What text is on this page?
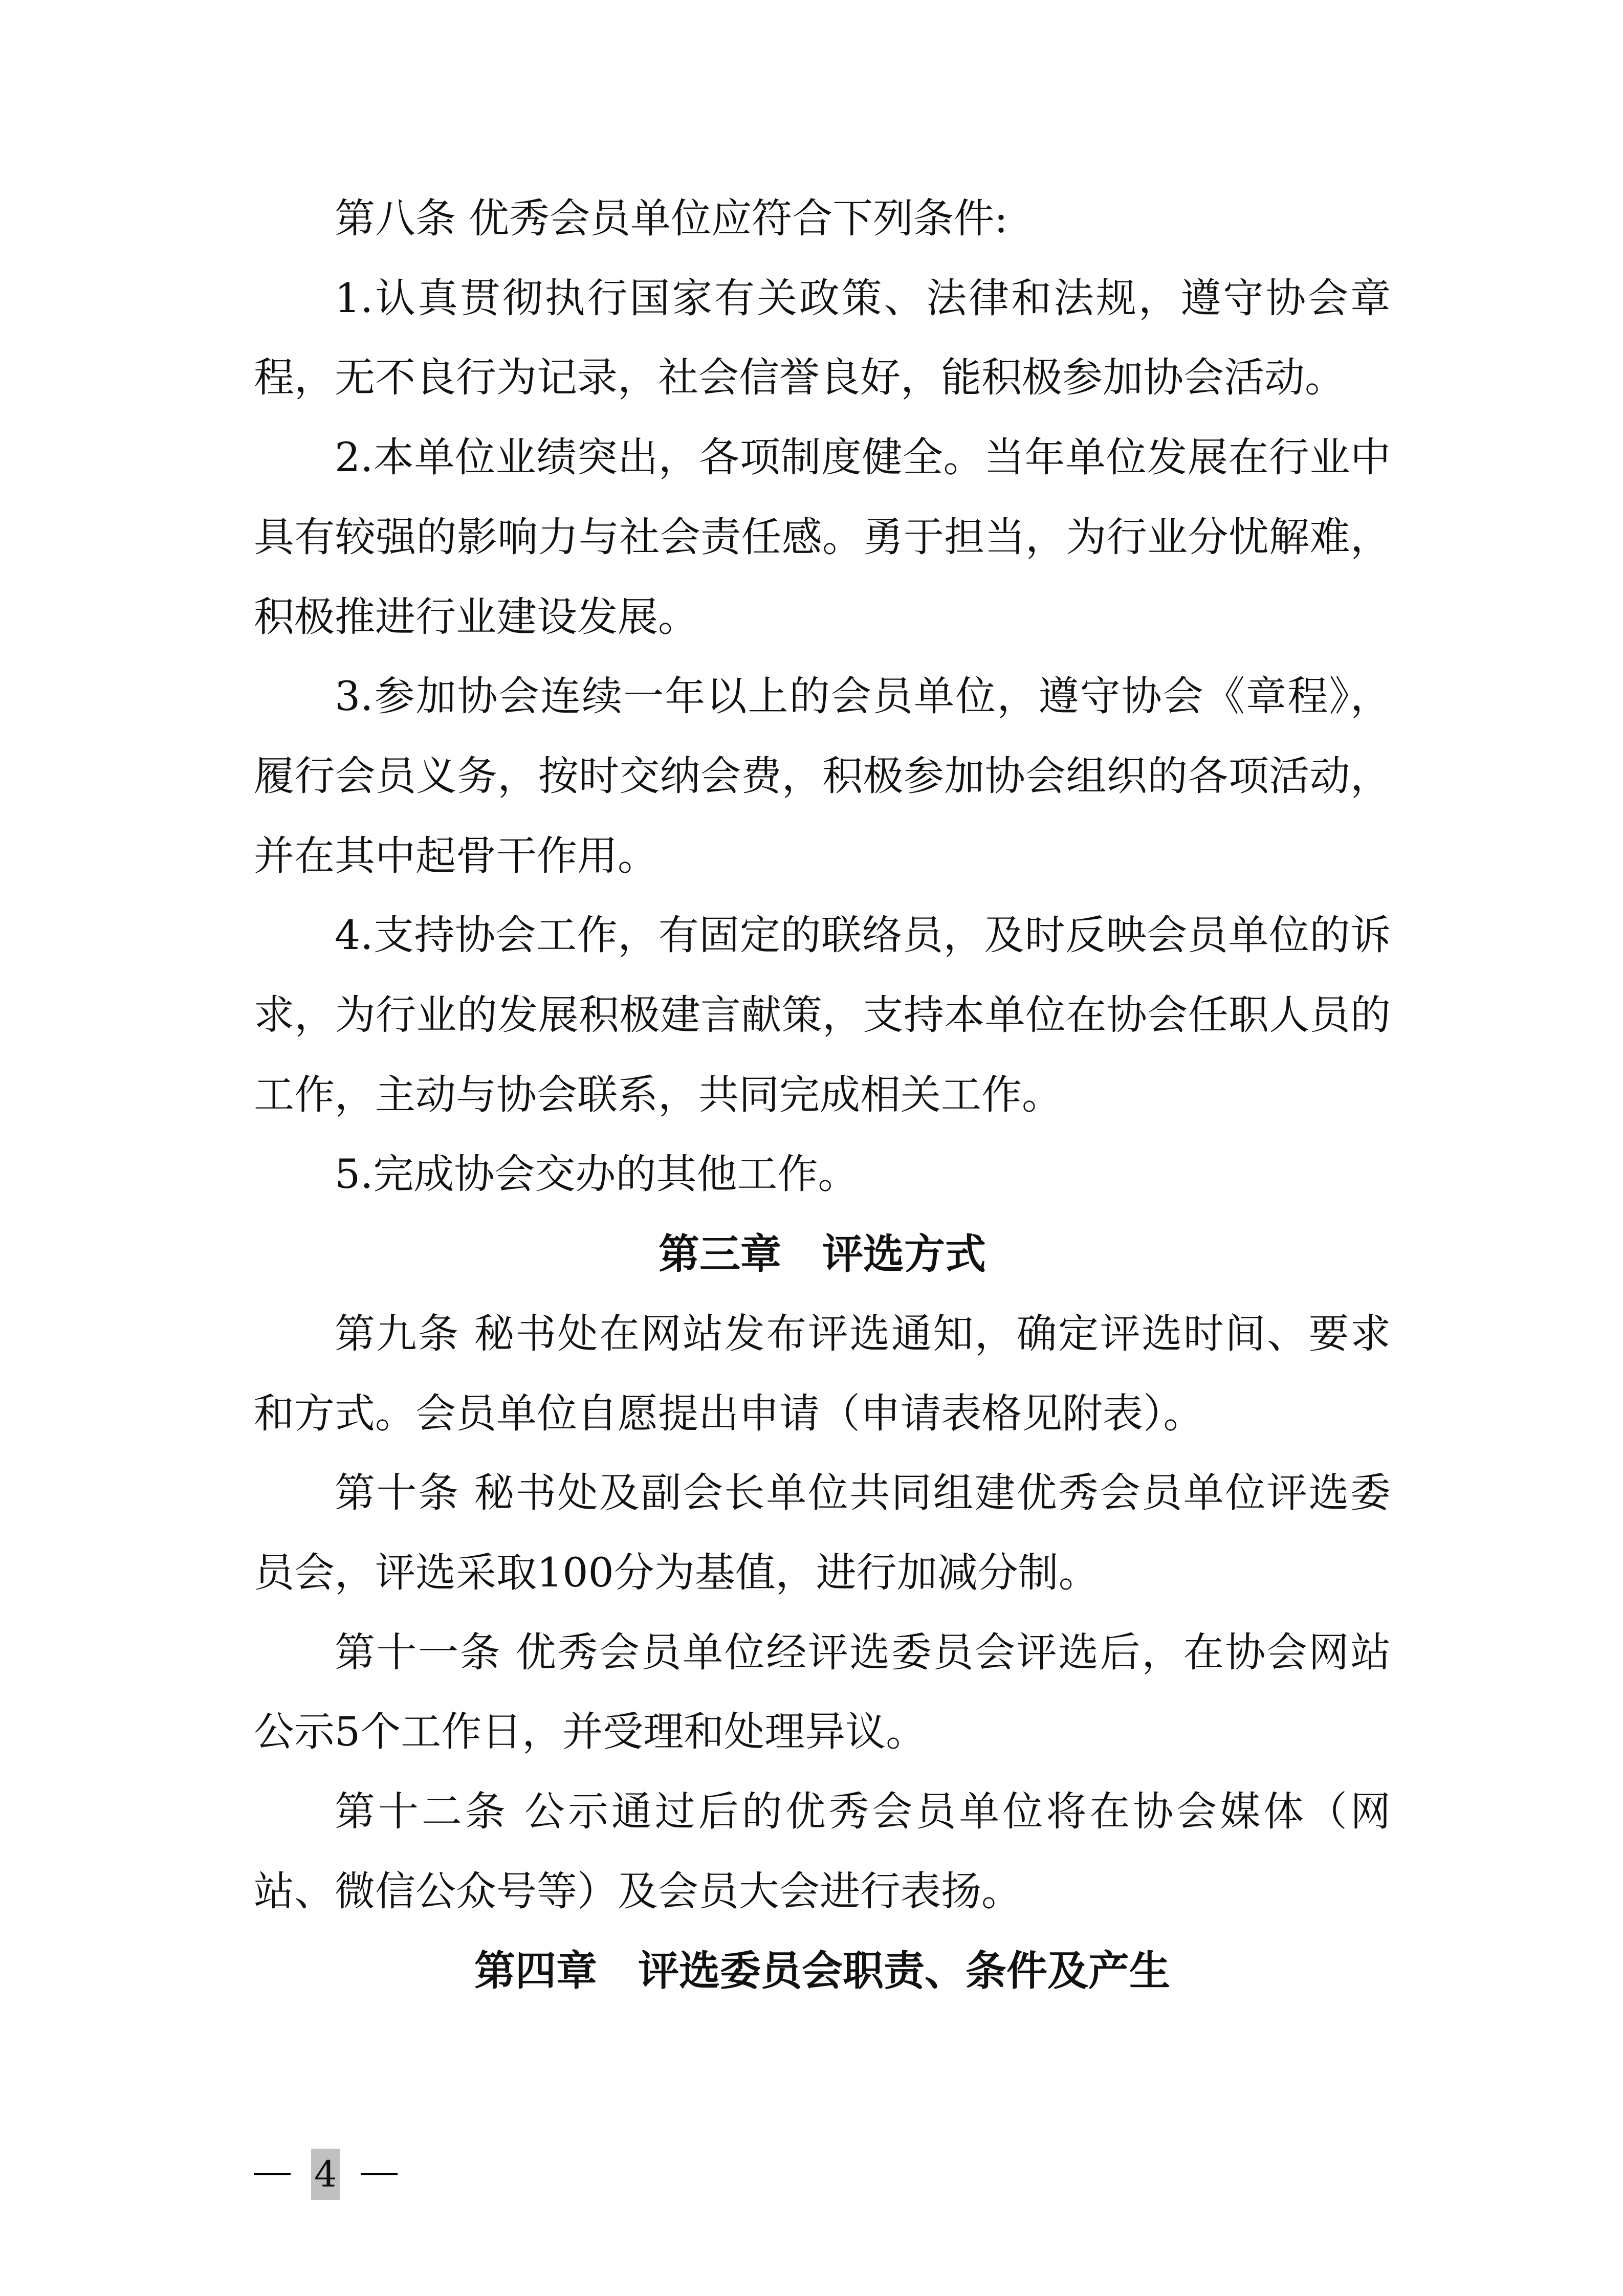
第八条 优秀会员单位应符合下列条件:

1.认真贯彻执行国家有关政策、法律和法规，遵守协会章程，无不良行为记录，社会信誉良好，能积极参加协会活动。

2.本单位业绩突出，各项制度健全。当年单位发展在行业中具有较强的影响力与社会责任感。勇于担当，为行业分忧解难，积极推进行业建设发展。

3.参加协会连续一年以上的会员单位，遵守协会《章程》，履行会员义务，按时交纳会费，积极参加协会组织的各项活动，并在其中起骨干作用。

4.支持协会工作，有固定的联络员，及时反映会员单位的诉求，为行业的发展积极建言献策，支持本单位在协会任职人员的工作，主动与协会联系，共同完成相关工作。

5.完成协会交办的其他工作。

第三章　评选方式

第九条 秘书处在网站发布评选通知，确定评选时间、要求和方式。会员单位自愿提出申请（申请表格见附表）。

第十条 秘书处及副会长单位共同组建优秀会员单位评选委员会，评选采取100分为基值，进行加减分制。

第十一条 优秀会员单位经评选委员会评选后，在协会网站公示5个工作日，并受理和处理异议。

第十二条 公示通过后的优秀会员单位将在协会媒体（网站、微信公众号等）及会员大会进行表扬。

第四章　评选委员会职责、条件及产生

4
